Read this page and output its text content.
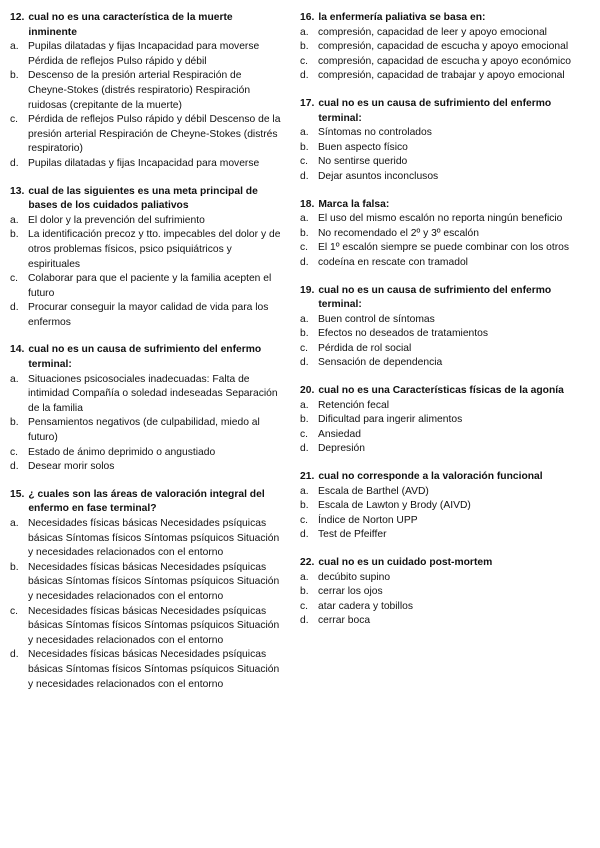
12. cual no es una característica de la muerte inminente
a. Pupilas dilatadas y fijas Incapacidad para moverse Pérdida de reflejos Pulso rápido y débil
b. Descenso de la presión arterial Respiración de Cheyne-Stokes (distrés respiratorio) Respiración ruidosas (crepitante de la muerte)
c. Pérdida de reflejos Pulso rápido y débil Descenso de la presión arterial Respiración de Cheyne-Stokes (distrés respiratorio)
d. Pupilas dilatadas y fijas Incapacidad para moverse
13. cual de las siguientes es una meta principal de bases de los cuidados paliativos
a. El dolor y la prevención del sufrimiento
b. La identificación precoz y tto. impecables del dolor y de otros problemas físicos, psico psiquiátricos y espirituales
c. Colaborar para que el paciente y la familia acepten el futuro
d. Procurar conseguir la mayor calidad de vida para los enfermos
14. cual no es un causa de sufrimiento del enfermo terminal:
a. Situaciones psicosociales inadecuadas: Falta de intimidad Compañía o soledad indeseadas Separación de la familia
b. Pensamientos negativos (de culpabilidad, miedo al futuro)
c. Estado de ánimo deprimido o angustiado
d. Desear morir solos
15. ¿ cuales son las áreas de valoración integral del enfermo en fase terminal?
a. Necesidades físicas básicas Necesidades psíquicas básicas Síntomas físicos Síntomas psíquicos Situación y necesidades relacionados con el entorno
b. Necesidades físicas básicas Necesidades psíquicas básicas Síntomas físicos Síntomas psíquicos Situación y necesidades relacionados con el entorno
c. Necesidades físicas básicas Necesidades psíquicas básicas Síntomas físicos Síntomas psíquicos Situación y necesidades relacionados con el entorno
d. Necesidades físicas básicas Necesidades psíquicas básicas Síntomas físicos Síntomas psíquicos Situación y necesidades relacionados con el entorno
16. la enfermería paliativa se basa en:
a. compresión, capacidad de leer y apoyo emocional
b. compresión, capacidad de escucha y apoyo emocional
c. compresión, capacidad de escucha y apoyo económico
d. compresión, capacidad de trabajar y apoyo emocional
17. cual no es un causa de sufrimiento del enfermo terminal:
a. Síntomas no controlados
b. Buen aspecto físico
c. No sentirse querido
d. Dejar asuntos inconclusos
18. Marca la falsa:
a. El uso del mismo escalón no reporta ningún beneficio
b. No recomendado el 2º y 3º escalón
c. El 1º escalón siempre se puede combinar con los otros
d. codeína en rescate con tramadol
19. cual no es un causa de sufrimiento del enfermo terminal:
a. Buen control de síntomas
b. Efectos no deseados de tratamientos
c. Pérdida de rol social
d. Sensación de dependencia
20. cual no es una Características físicas de la agonía
a. Retención fecal
b. Dificultad para ingerir alimentos
c. Ansiedad
d. Depresión
21. cual no corresponde a la valoración funcional
a. Escala de Barthel (AVD)
b. Escala de Lawton y Brody (AIVD)
c. Índice de Norton UPP
d. Test de Pfeiffer
22. cual no es un cuidado post-mortem
a. decúbito supino
b. cerrar los ojos
c. atar cadera y tobillos
d. cerrar boca
